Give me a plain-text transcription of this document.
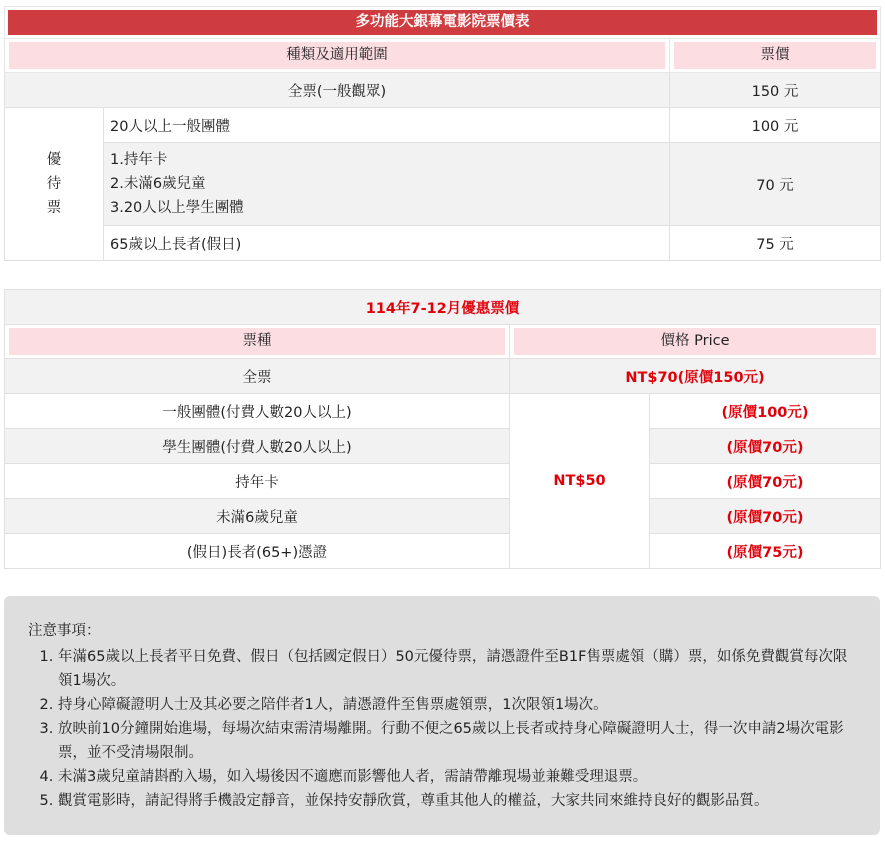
多功能大銀幕電影院票價表		

種類及適用範圍		票價

全票(一般觀眾)		150 元

優
待
票	20人以上一般團體	100 元

	1.持年卡
2.未滿6歲兒童
3.20人以上學生團體	70 元
	65歲以上長者(假日)	75 元
114年7-12月優惠票價		

票種	價格 Price	

全票	NT$70(原價150元)	
一般團體(付費人數20人以上)	NT$50	(原價100元)
學生團體(付費人數20人以上)		(原價70元)
持年卡		(原價70元)
未滿6歲兒童		(原價70元)
(假日)長者(65+)憑證		(原價75元)
注意事項：
1. 年滿65歲以上長者平日免費、假日（包括國定假日）50元優待票，請憑證件至B1F售票處領（購）票，如係免費觀賞每次限領1場次。
2. 持身心障礙證明人士及其必要之陪伴者1人，請憑證件至售票處領票，1次限領1場次。
3. 放映前10分鐘開始進場，每場次結束需清場離開。行動不便之65歲以上長者或持身心障礙證明人士，得一次申請2場次電影票，並不受清場限制。
4. 未滿3歲兒童請斟酌入場，如入場後因不適應而影響他人者，需請帶離現場並兼難受理退票。
5. 觀賞電影時，請記得將手機設定靜音，並保持安靜欣賞，尊重其他人的權益，大家共同來維持良好的觀影品質。
